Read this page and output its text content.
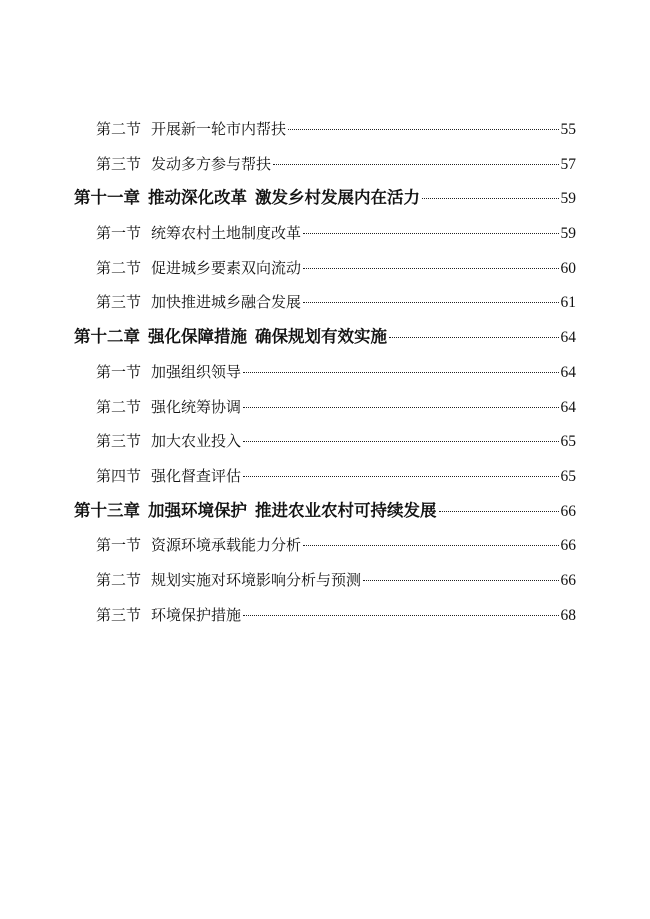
第二节 开展新一轮市内帮扶	55
第三节 发动多方参与帮扶	57
第十一章 推动深化改革 激发乡村发展内在活力	59
第一节 统筹农村土地制度改革	59
第二节 促进城乡要素双向流动	60
第三节 加快推进城乡融合发展	61
第十二章 强化保障措施 确保规划有效实施	64
第一节 加强组织领导	64
第二节 强化统筹协调	64
第三节 加大农业投入	65
第四节 强化督查评估	65
第十三章 加强环境保护 推进农业农村可持续发展	66
第一节 资源环境承载能力分析	66
第二节 规划实施对环境影响分析与预测	66
第三节 环境保护措施	68
